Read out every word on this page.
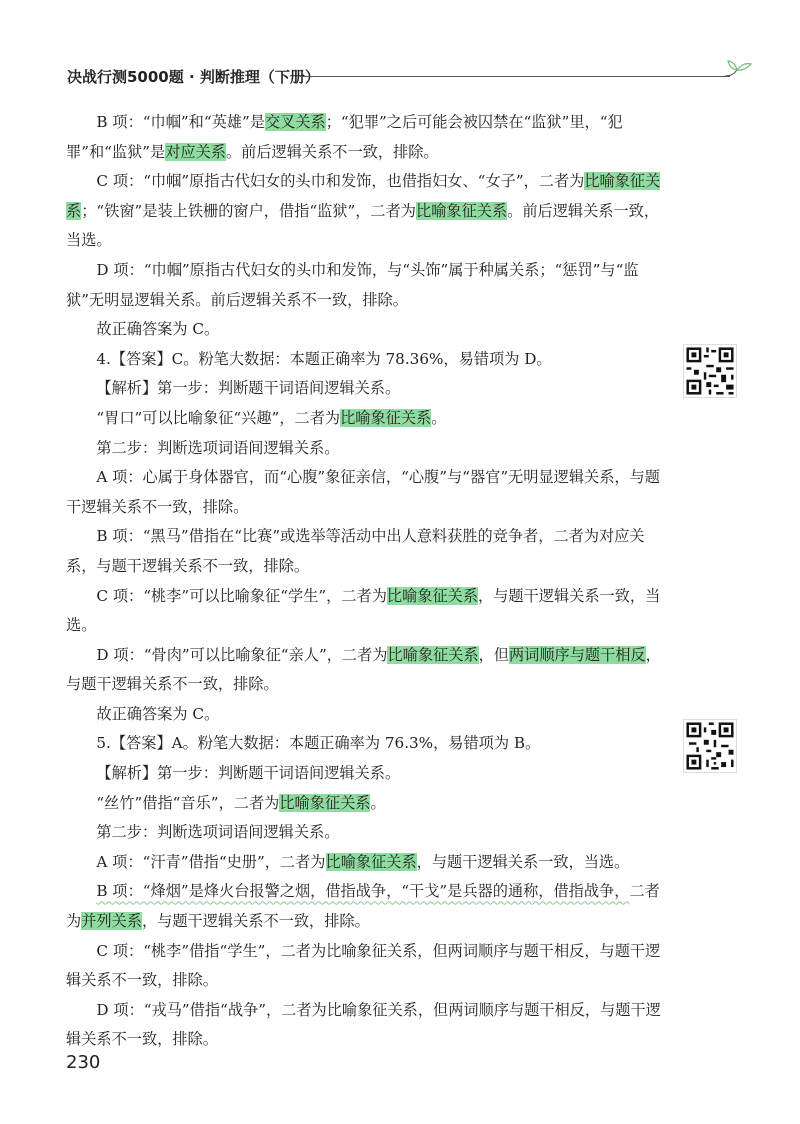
决战行测5000题 · 判断推理（下册）

B 项：“巾帼”和“英雄”是交叉关系；“犯罪”之后可能会被囚禁在“监狱”里，“犯罪”和“监狱”是对应关系。前后逻辑关系不一致，排除。

C 项：“巾帼”原指古代妇女的头巾和发饰，也借指妇女、“女子”，二者为比喻象征关系；“铁窗”是装上铁栅的窗户，借指“监狱”，二者为比喻象征关系。前后逻辑关系一致，当选。

D 项：“巾帼”原指古代妇女的头巾和发饰，与“头饰”属于种属关系；“惩罚”与“监狱”无明显逻辑关系。前后逻辑关系不一致，排除。

故正确答案为 C。

4.【答案】C。粉笔大数据：本题正确率为 78.36%，易错项为 D。

【解析】第一步：判断题干词语间逻辑关系。

“胃口”可以比喻象征“兴趣”，二者为比喻象征关系。

第二步：判断选项词语间逻辑关系。

A 项：心属于身体器官，而“心腹”象征亲信，“心腹”与“器官”无明显逻辑关系，与题干逻辑关系不一致，排除。

B 项：“黑马”借指在“比赛”或选举等活动中出人意料获胜的竞争者，二者为对应关系，与题干逻辑关系不一致，排除。

C 项：“桃李”可以比喻象征“学生”，二者为比喻象征关系，与题干逻辑关系一致，当选。

D 项：“骨肉”可以比喻象征“亲人”，二者为比喻象征关系，但两词顺序与题干相反，与题干逻辑关系不一致，排除。

故正确答案为 C。

5.【答案】A。粉笔大数据：本题正确率为 76.3%，易错项为 B。

【解析】第一步：判断题干词语间逻辑关系。

“丝竹”借指“音乐”，二者为比喻象征关系。

第二步：判断选项词语间逻辑关系。

A 项：“汗青”借指“史册”，二者为比喻象征关系，与题干逻辑关系一致，当选。

B 项：“烽烟”是烽火台报警之烟，借指战争，“干戈”是兵器的通称，借指战争，二者为并列关系，与题干逻辑关系不一致，排除。

C 项：“桃李”借指“学生”，二者为比喻象征关系，但两词顺序与题干相反，与题干逻辑关系不一致，排除。

D 项：“戎马”借指“战争”，二者为比喻象征关系，但两词顺序与题干相反，与题干逻辑关系不一致，排除。

230
